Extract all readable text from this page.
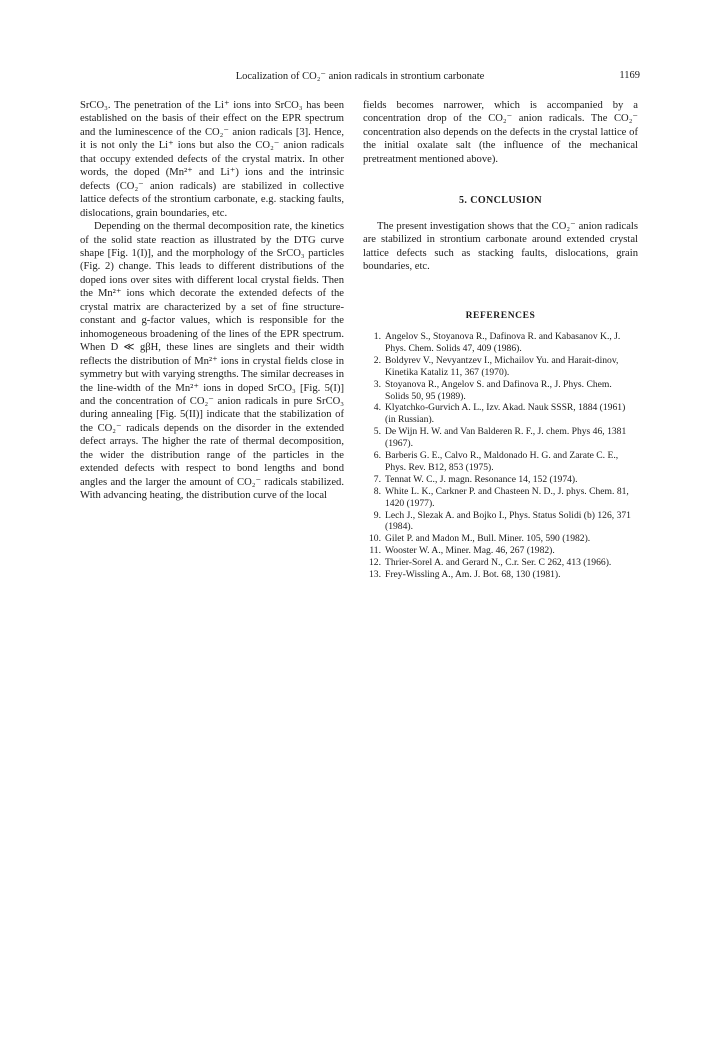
Localization of CO₂⁻ anion radicals in strontium carbonate	1169

SrCO₃. The penetration of the Li⁺ ions into SrCO₃ has been established on the basis of their effect on the EPR spectrum and the luminescence of the CO₂⁻ anion radicals [3]. Hence, it is not only the Li⁺ ions but also the CO₂⁻ anion radicals that occupy extended defects of the crystal matrix. In other words, the doped (Mn²⁺ and Li⁺) ions and the intrinsic defects (CO₂⁻ anion radicals) are stabilized in collective lattice defects of the strontium carbonate, e.g. stacking faults, dislocations, grain boundaries, etc.

Depending on the thermal decomposition rate, the kinetics of the solid state reaction as illustrated by the DTG curve shape [Fig. 1(I)], and the morphology of the SrCO₃ particles (Fig. 2) change. This leads to different distributions of the doped ions over sites with different local crystal fields. Then the Mn²⁺ ions which decorate the extended defects of the crystal matrix are characterized by a set of fine structure-constant and g-factor values, which is responsible for the inhomogeneous broadening of the lines of the EPR spectrum. When D ≪ gβH, these lines are singlets and their width reflects the distribution of Mn²⁺ ions in crystal fields close in symmetry but with varying strengths. The similar decreases in the line-width of the Mn²⁺ ions in doped SrCO₃ [Fig. 5(I)] and the concentration of CO₂⁻ anion radicals in pure SrCO₃ during annealing [Fig. 5(II)] indicate that the stabilization of the CO₂⁻ radicals depends on the disorder in the extended defect arrays. The higher the rate of thermal decomposition, the wider the distribution range of the particles in the extended defects with respect to bond lengths and bond angles and the larger the amount of CO₂⁻ radicals stabilized. With advancing heating, the distribution curve of the local

fields becomes narrower, which is accompanied by a concentration drop of the CO₂⁻ anion radicals. The CO₂⁻ concentration also depends on the defects in the crystal lattice of the initial oxalate salt (the influence of the mechanical pretreatment mentioned above).

5. CONCLUSION

The present investigation shows that the CO₂⁻ anion radicals are stabilized in strontium carbonate around extended crystal lattice defects such as stacking faults, dislocations, grain boundaries, etc.

REFERENCES
1. Angelov S., Stoyanova R., Dafinova R. and Kabasanov K., J. Phys. Chem. Solids 47, 409 (1986).
2. Boldyrev V., Nevyantzev I., Michailov Yu. and Harait-dinov, Kinetika Kataliz 11, 367 (1970).
3. Stoyanova R., Angelov S. and Dafinova R., J. Phys. Chem. Solids 50, 95 (1989).
4. Klyatchko-Gurvich A. L., Izv. Akad. Nauk SSSR, 1884 (1961) (in Russian).
5. De Wijn H. W. and Van Balderen R. F., J. chem. Phys 46, 1381 (1967).
6. Barberis G. E., Calvo R., Maldonado H. G. and Zarate C. E., Phys. Rev. B12, 853 (1975).
7. Tennat W. C., J. magn. Resonance 14, 152 (1974).
8. White L. K., Carkner P. and Chasteen N. D., J. phys. Chem. 81, 1420 (1977).
9. Lech J., Slezak A. and Bojko I., Phys. Status Solidi (b) 126, 371 (1984).
10. Gilet P. and Madon M., Bull. Miner. 105, 590 (1982).
11. Wooster W. A., Miner. Mag. 46, 267 (1982).
12. Thrier-Sorel A. and Gerard N., C.r. Ser. C 262, 413 (1966).
13. Frey-Wissling A., Am. J. Bot. 68, 130 (1981).
